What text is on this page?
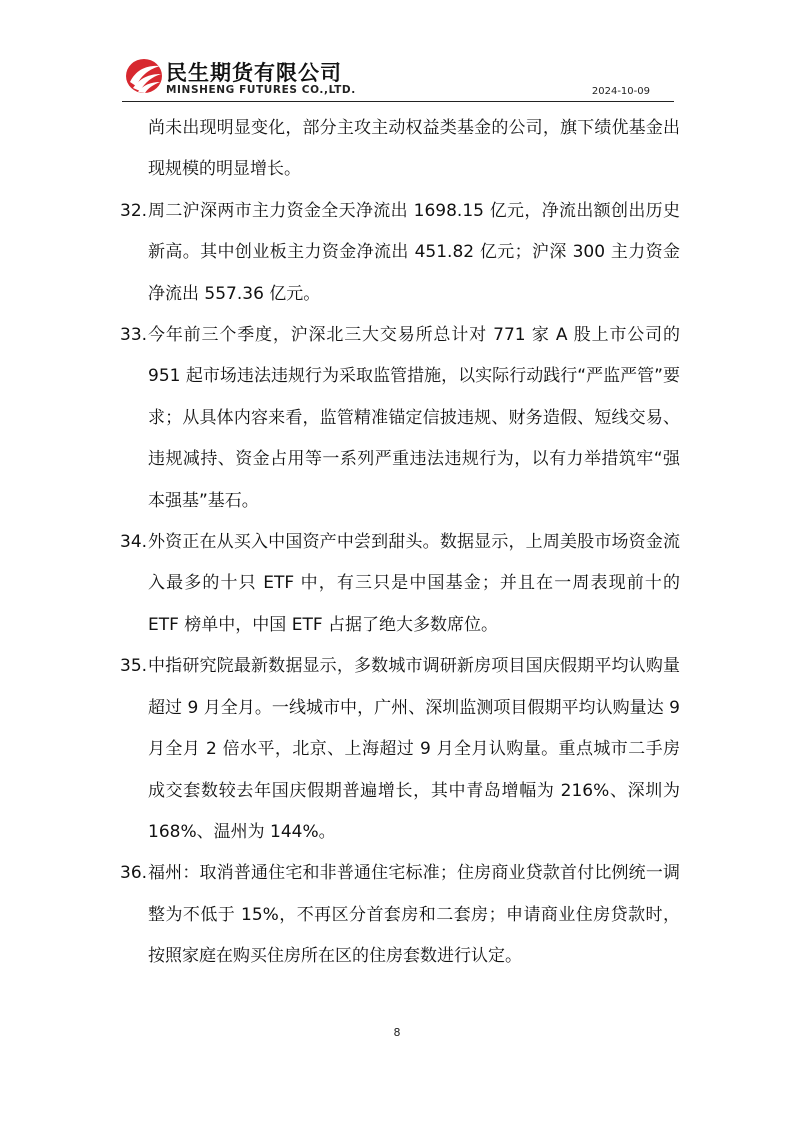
民生期货有限公司
MINSHENG FUTURES CO.,LTD.	2024-10-09

尚未出现明显变化，部分主攻主动权益类基金的公司，旗下绩优基金出现规模的明显增长。

32. 周二沪深两市主力资金全天净流出 1698.15 亿元，净流出额创出历史新高。其中创业板主力资金净流出 451.82 亿元；沪深 300 主力资金净流出 557.36 亿元。
33. 今年前三个季度，沪深北三大交易所总计对 771 家 A 股上市公司的 951 起市场违法违规行为采取监管措施，以实际行动践行“严监严管”要求；从具体内容来看，监管精准锚定信披违规、财务造假、短线交易、违规减持、资金占用等一系列严重违法违规行为，以有力举措筑牢“强本强基”基石。
34. 外资正在从买入中国资产中尝到甜头。数据显示，上周美股市场资金流入最多的十只 ETF 中，有三只是中国基金；并且在一周表现前十的 ETF 榜单中，中国 ETF 占据了绝大多数席位。
35. 中指研究院最新数据显示，多数城市调研新房项目国庆假期平均认购量超过 9 月全月。一线城市中，广州、深圳监测项目假期平均认购量达 9 月全月 2 倍水平，北京、上海超过 9 月全月认购量。重点城市二手房成交套数较去年国庆假期普遍增长，其中青岛增幅为 216%、深圳为 168%、温州为 144%。
36. 福州：取消普通住宅和非普通住宅标准；住房商业贷款首付比例统一调整为不低于 15%，不再区分首套房和二套房；申请商业住房贷款时，按照家庭在购买住房所在区的住房套数进行认定。
8
